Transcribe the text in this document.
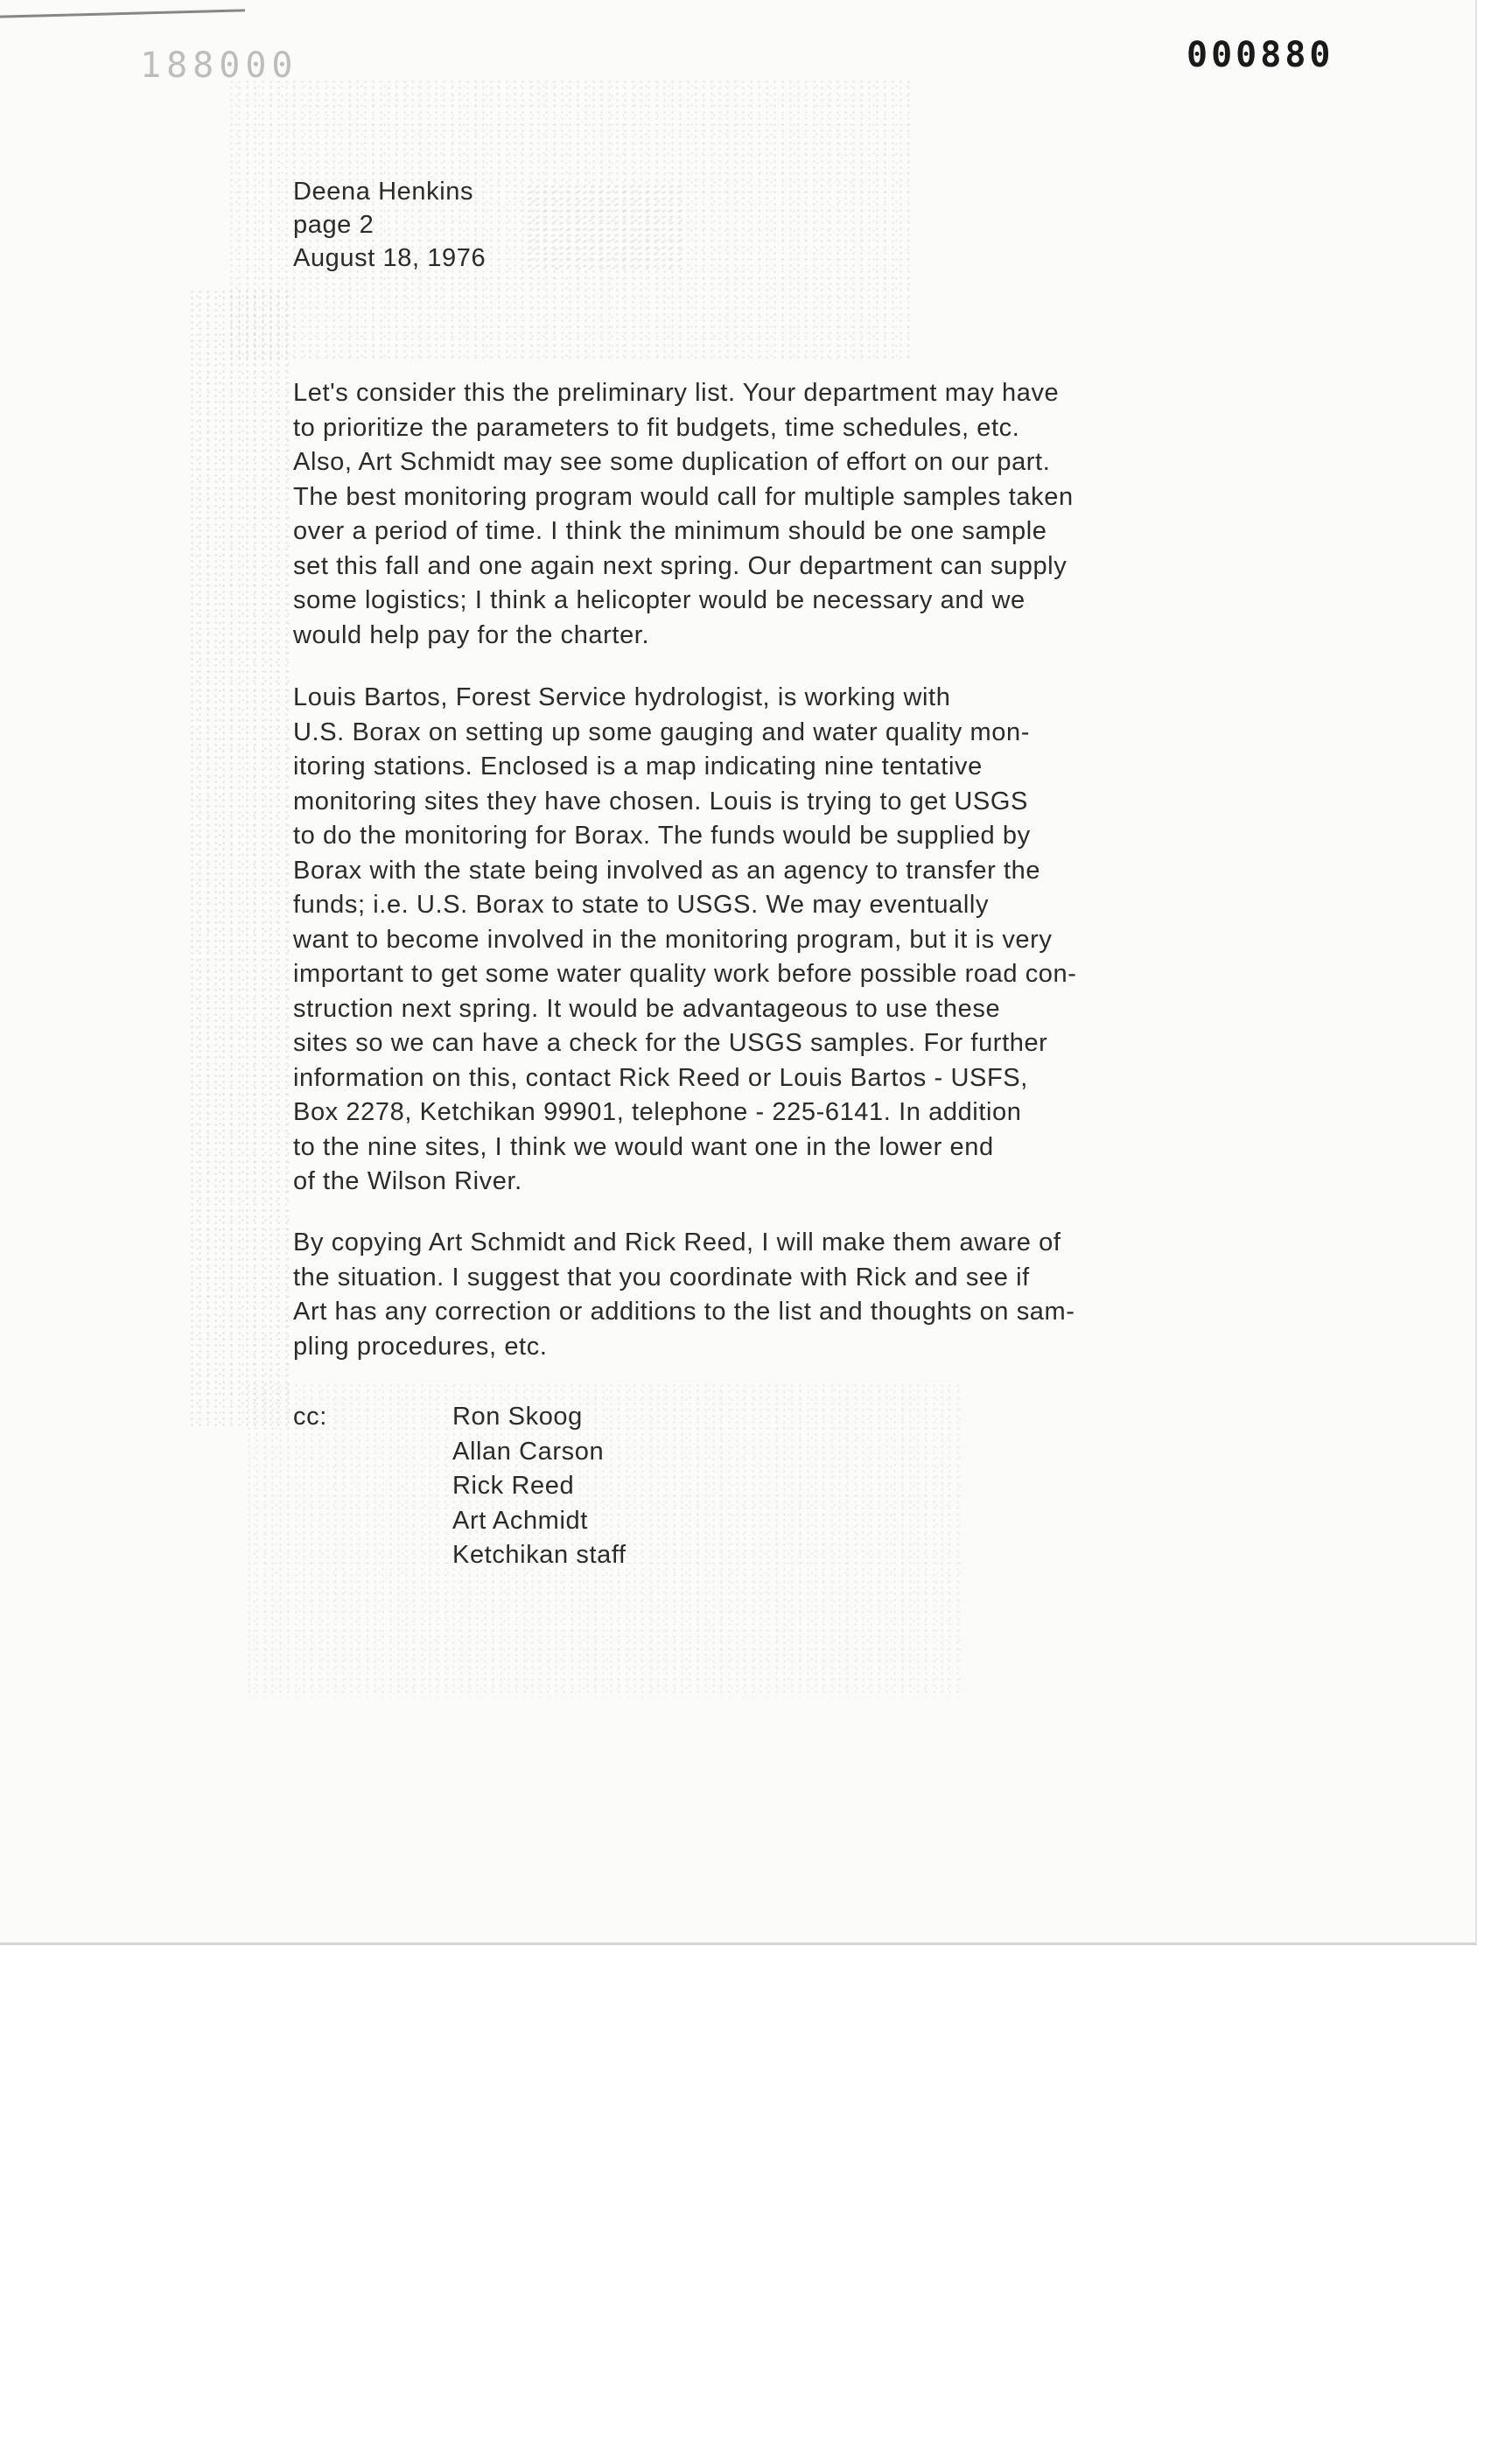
188000	000880
Deena Henkins
page 2
August 18, 1976
Let's consider this the preliminary list. Your department may have
to prioritize the parameters to fit budgets, time schedules, etc.
Also, Art Schmidt may see some duplication of effort on our part.
The best monitoring program would call for multiple samples taken
over a period of time. I think the minimum should be one sample
set this fall and one again next spring. Our department can supply
some logistics; I think a helicopter would be necessary and we
would help pay for the charter.
Louis Bartos, Forest Service hydrologist, is working with
U.S. Borax on setting up some gauging and water quality mon-
itoring stations. Enclosed is a map indicating nine tentative
monitoring sites they have chosen. Louis is trying to get USGS
to do the monitoring for Borax. The funds would be supplied by
Borax with the state being involved as an agency to transfer the
funds; i.e. U.S. Borax to state to USGS. We may eventually
want to become involved in the monitoring program, but it is very
important to get some water quality work before possible road con-
struction next spring. It would be advantageous to use these
sites so we can have a check for the USGS samples. For further
information on this, contact Rick Reed or Louis Bartos - USFS,
Box 2278, Ketchikan 99901, telephone - 225-6141. In addition
to the nine sites, I think we would want one in the lower end
of the Wilson River.
By copying Art Schmidt and Rick Reed, I will make them aware of
the situation. I suggest that you coordinate with Rick and see if
Art has any correction or additions to the list and thoughts on sam-
pling procedures, etc.
cc:	Ron Skoog
Allan Carson
Rick Reed
Art Achmidt
Ketchikan staff
